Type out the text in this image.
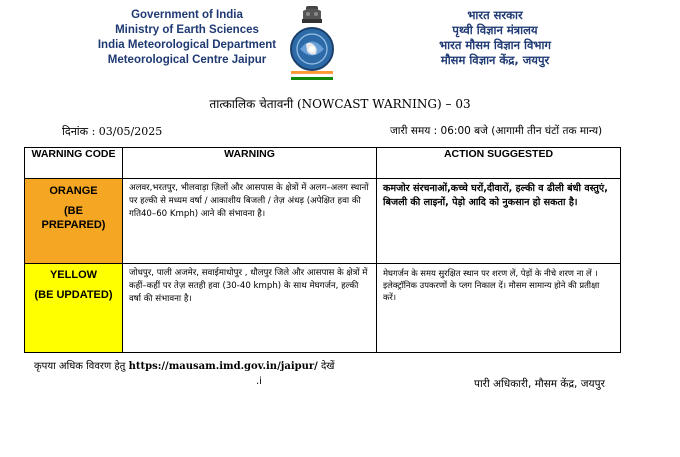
Government of India
Ministry of Earth Sciences
India Meteorological Department
Meteorological Centre Jaipur
भारत सरकार
पृथ्वी विज्ञान मंत्रालय
भारत मौसम विज्ञान विभाग
मौसम विज्ञान केंद्र, जयपुर
तात्कालिक चेतावनी (NOWCAST WARNING) – 03
दिनांक : 03/05/2025	जारी समय : 06:00 बजे (आगामी तीन घंटों तक मान्य)
WARNING CODE	WARNING	ACTION SUGGESTED

ORANGE
(BE PREPARED)	अलवर,भरतपुर, भीलवाड़ा ज़िलों और आसपास के क्षेत्रों में अलग–अलग स्थानों पर हल्की से मध्यम वर्षा / आकाशीय बिजली / तेज़ अंधड़ (अपेक्षित हवा की गति40–60 Kmph) आने की संभावना है।	कमजोर संरचनाओं,कच्चे घरों,दीवारों, हल्की व ढीली बंधी वस्तुएं, बिजली की लाइनों, पेड़ो आदि को नुकसान हो सकता है।

YELLOW
(BE UPDATED)	जोधपुर, पाली अजमेर, सवाईमाधोपुर , धौलपुर जिले और आसपास के क्षेत्रों में कहीं–कहीं पर तेज़ सतही हवा (30-40 kmph) के साथ मेघगर्जन, हल्की वर्षा की संभावना है।	मेघगर्जन के समय सुरक्षित स्थान पर शरण लें, पेड़ों के नीचे शरण ना लें । इलेक्ट्रॉनिक उपकरणों के प्लग निकाल दें। मौसम सामान्य होने की प्रतीक्षा करें।
कृपया अधिक विवरण हेतु https://mausam.imd.gov.in/jaipur/ देखें
.i	पारी अधिकारी, मौसम केंद्र, जयपुर
